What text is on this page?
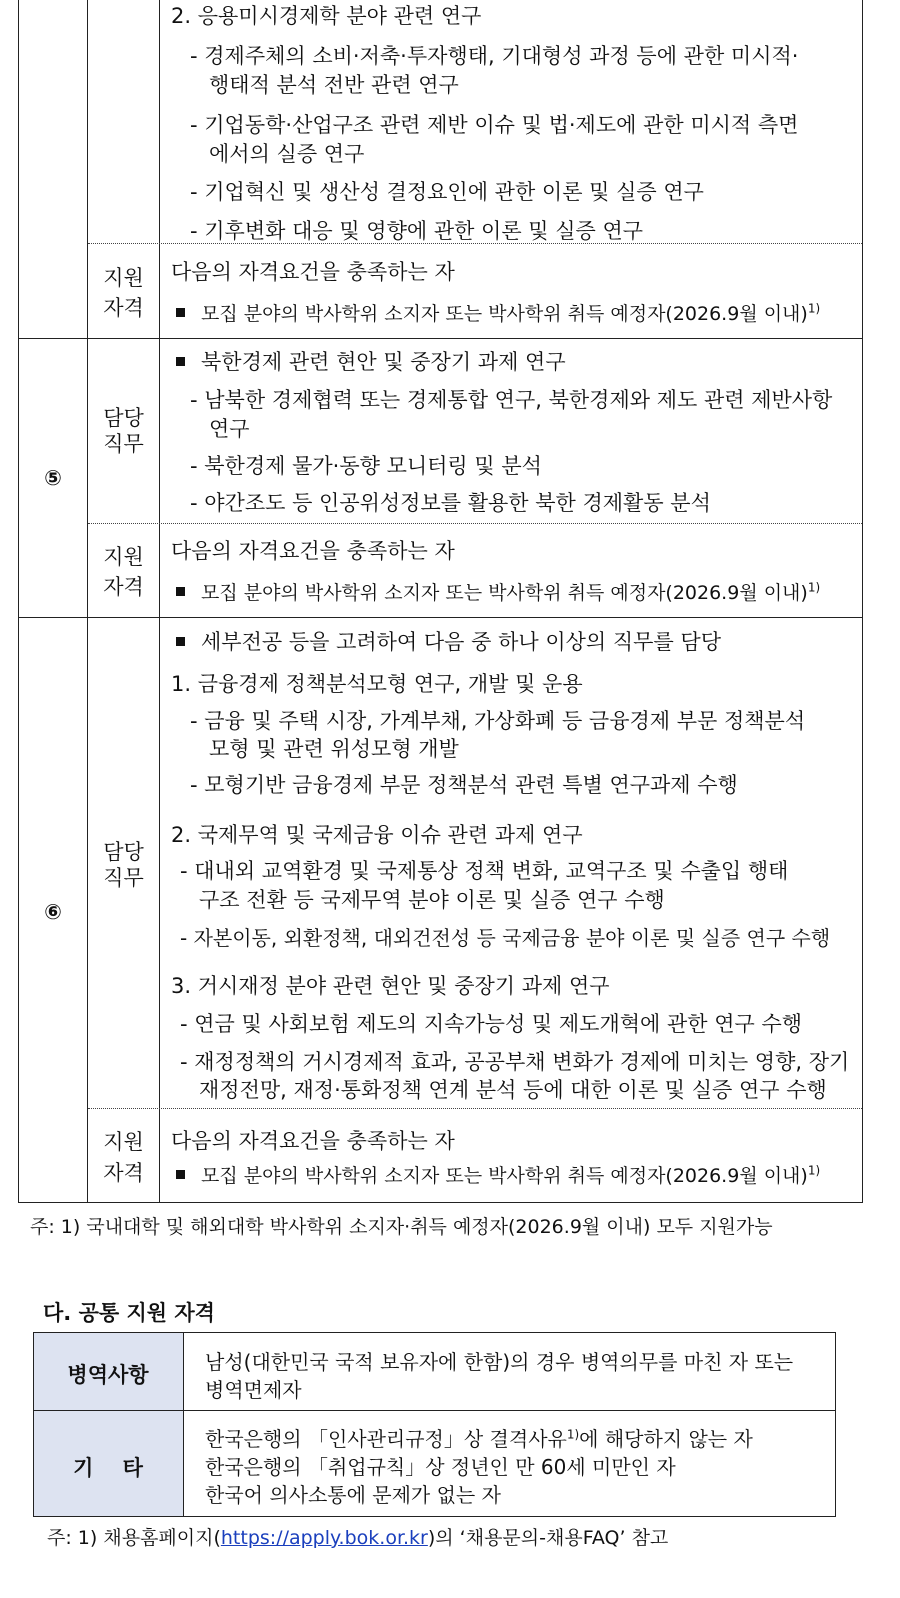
2. 응용미시경제학 분야 관련 연구
- 경제주체의 소비·저축·투자행태, 기대형성 과정 등에 관한 미시적·
행태적 분석 전반 관련 연구
- 기업동학·산업구조 관련 제반 이슈 및 법·제도에 관한 미시적 측면
에서의 실증 연구
- 기업혁신 및 생산성 결정요인에 관한 이론 및 실증 연구
- 기후변화 대응 및 영향에 관한 이론 및 실증 연구
지원
자격
다음의 자격요건을 충족하는 자
모집 분야의 박사학위 소지자 또는 박사학위 취득 예정자(2026.9월 이내)$^{1)}$
⑤
담당
직무
북한경제 관련 현안 및 중장기 과제 연구
- 남북한 경제협력 또는 경제통합 연구, 북한경제와 제도 관련 제반사항
연구
- 북한경제 물가·동향 모니터링 및 분석
- 야간조도 등 인공위성정보를 활용한 북한 경제활동 분석
지원
자격
다음의 자격요건을 충족하는 자
모집 분야의 박사학위 소지자 또는 박사학위 취득 예정자(2026.9월 이내)$^{1)}$
⑥
담당
직무
세부전공 등을 고려하여 다음 중 하나 이상의 직무를 담당
1. 금융경제 정책분석모형 연구, 개발 및 운용
- 금융 및 주택 시장, 가계부채, 가상화폐 등 금융경제 부문 정책분석
모형 및 관련 위성모형 개발
- 모형기반 금융경제 부문 정책분석 관련 특별 연구과제 수행
2. 국제무역 및 국제금융 이슈 관련 과제 연구
- 대내외 교역환경 및 국제통상 정책 변화, 교역구조 및 수출입 행태
구조 전환 등 국제무역 분야 이론 및 실증 연구 수행
- 자본이동, 외환정책, 대외건전성 등 국제금융 분야 이론 및 실증 연구 수행
3. 거시재정 분야 관련 현안 및 중장기 과제 연구
- 연금 및 사회보험 제도의 지속가능성 및 제도개혁에 관한 연구 수행
- 재정정책의 거시경제적 효과, 공공부채 변화가 경제에 미치는 영향, 장기
재정전망, 재정·통화정책 연계 분석 등에 대한 이론 및 실증 연구 수행
지원
자격
다음의 자격요건을 충족하는 자
모집 분야의 박사학위 소지자 또는 박사학위 취득 예정자(2026.9월 이내)$^{1)}$
주: 1) 국내대학 및 해외대학 박사학위 소지자·취득 예정자(2026.9월 이내) 모두 지원가능
다. 공통 지원 자격
병역사항
남성(대한민국 국적 보유자에 한함)의 경우 병역의무를 마친 자 또는
병역면제자
기    타
한국은행의 「인사관리규정」상 결격사유$^{1)}$에 해당하지 않는 자
한국은행의 「취업규칙」상 정년인 만 60세 미만인 자
한국어 의사소통에 문제가 없는 자
주: 1) 채용홈페이지(https://apply.bok.or.kr)의 ‘채용문의-채용FAQ’ 참고
